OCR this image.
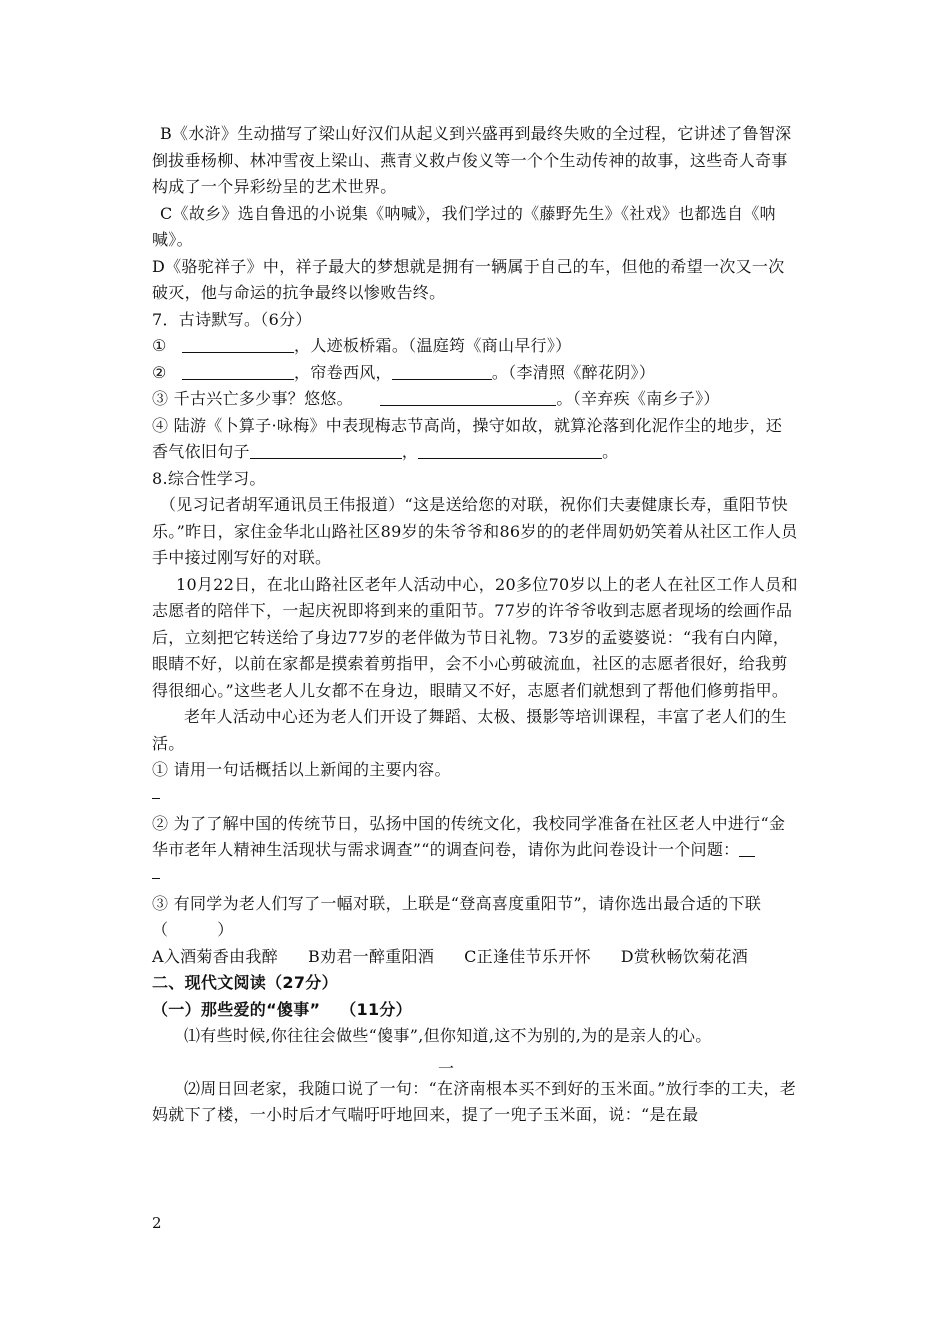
B《水浒》生动描写了梁山好汉们从起义到兴盛再到最终失败的全过程，它讲述了鲁智深倒拔垂杨柳、林冲雪夜上梁山、燕青义救卢俊义等一个个生动传神的故事，这些奇人奇事构成了一个异彩纷呈的艺术世界。

C《故乡》选自鲁迅的小说集《呐喊》，我们学过的《藤野先生》《社戏》也都选自《呐喊》。

D《骆驼祥子》中，祥子最大的梦想就是拥有一辆属于自己的车，但他的希望一次又一次破灭，他与命运的抗争最终以惨败告终。

7．古诗默写。（6分）

①	，人迹板桥霜。（温庭筠《商山早行》）

②	，帘卷西风，	。（李清照《醉花阴》）

③ 千古兴亡多少事？悠悠。	。（辛弃疾《南乡子》）

④ 陆游《卜算子·咏梅》中表现梅志节高尚，操守如故，就算沦落到化泥作尘的地步，还香气依旧句子	，	。

8.综合性学习。

（见习记者胡军通讯员王伟报道）“这是送给您的对联，祝你们夫妻健康长寿，重阳节快乐。”昨日，家住金华北山路社区89岁的朱爷爷和86岁的的老伴周奶奶笑着从社区工作人员手中接过刚写好的对联。

10月22日，在北山路社区老年人活动中心，20多位70岁以上的老人在社区工作人员和志愿者的陪伴下，一起庆祝即将到来的重阳节。77岁的许爷爷收到志愿者现场的绘画作品后，立刻把它转送给了身边77岁的老伴做为节日礼物。73岁的孟婆婆说：“我有白内障，眼睛不好，以前在家都是摸索着剪指甲，会不小心剪破流血，社区的志愿者很好，给我剪得很细心。”这些老人儿女都不在身边，眼睛又不好，志愿者们就想到了帮他们修剪指甲。

老年人活动中心还为老人们开设了舞蹈、太极、摄影等培训课程，丰富了老人们的生活。

① 请用一句话概括以上新闻的主要内容。

② 为了了解中国的传统节日，弘扬中国的传统文化，我校同学准备在社区老人中进行“金华市老年人精神生活现状与需求调查”“的调查问卷，请你为此问卷设计一个问题：

③ 有同学为老人们写了一幅对联，上联是“登高喜度重阳节”，请你选出最合适的下联（　　　）

A入酒菊香由我醉 B劝君一醉重阳酒 C正逢佳节乐开怀 D赏秋畅饮菊花酒

二、现代文阅读（27分）

（一）那些爱的“傻事” （11分）

⑴有些时候,你往往会做些“傻事”,但你知道,这不为别的,为的是亲人的心。

一

⑵周日回老家，我随口说了一句：“在济南根本买不到好的玉米面。”放行李的工夫，老妈就下了楼，一小时后才气喘吁吁地回来，提了一兜子玉米面，说：“是在最

2
